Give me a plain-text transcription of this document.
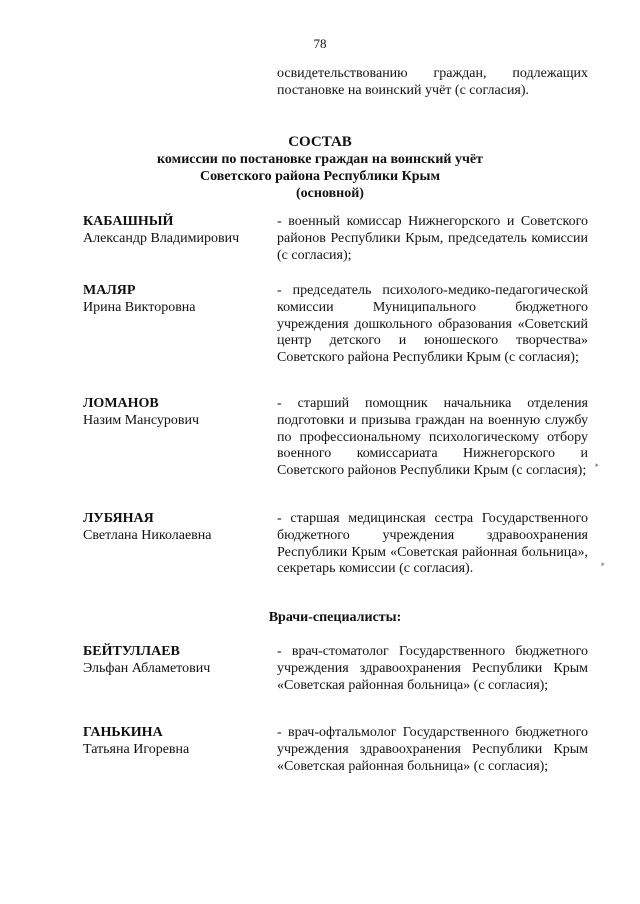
78
освидетельствованию граждан, подлежащих постановке на воинский учёт (с согласия).
СОСТАВ
комиссии по постановке граждан на воинский учёт
Советского района Республики Крым
(основной)
КАБАШНЫЙ
Александр Владимирович
- военный комиссар Нижнегорского и Советского районов Республики Крым, председатель комиссии (с согласия);
МАЛЯР
Ирина Викторовна
- председатель психолого-медико-педагогической комиссии Муниципального бюджетного учреждения дошкольного образования «Советский центр детского и юношеского творчества» Советского района Республики Крым (с согласия);
ЛОМАНОВ
Назим Мансурович
- старший помощник начальника отделения подготовки и призыва граждан на военную службу по профессиональному психологическому отбору военного комиссариата Нижнегорского и Советского районов Республики Крым (с согласия);
ЛУБЯНАЯ
Светлана Николаевна
- старшая медицинская сестра Государственного бюджетного учреждения здравоохранения Республики Крым «Советская районная больница», секретарь комиссии (с согласия).
Врачи-специалисты:
БЕЙТУЛЛАЕВ
Эльфан Абламетович
- врач-стоматолог Государственного бюджетного учреждения здравоохранения Республики Крым «Советская районная больница» (с согласия);
ГАНЬКИНА
Татьяна Игоревна
- врач-офтальмолог Государственного бюджетного учреждения здравоохранения Республики Крым «Советская районная больница» (с согласия);
‣
‣
